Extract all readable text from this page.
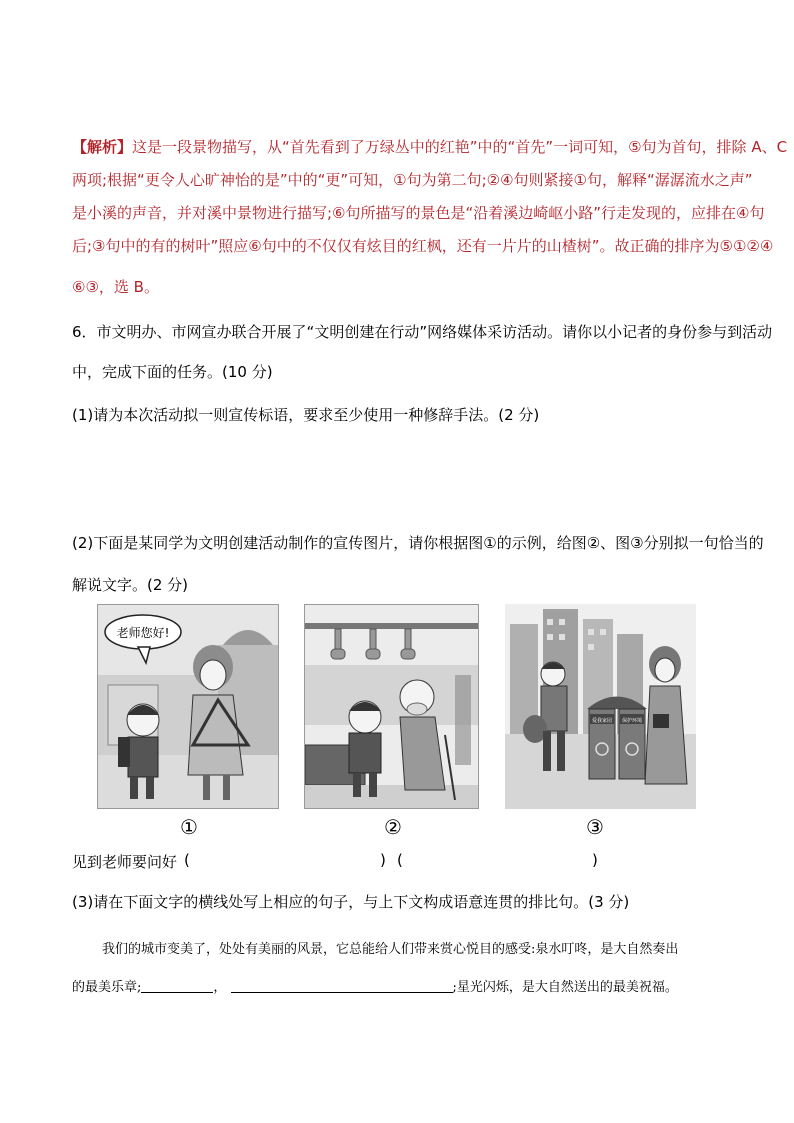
【解析】这是一段景物描写，从“首先看到了万绿丛中的红艳”中的“首先”一词可知，⑤句为首句，排除 A、C
两项;根据“更令人心旷神怡的是”中的“更”可知，①句为第二句;②④句则紧接①句，解释“潺潺流水之声”
是小溪的声音，并对溪中景物进行描写;⑥句所描写的景色是“沿着溪边崎岖小路”行走发现的，应排在④句
后;③句中的有的树叶”照应⑥句中的不仅仅有炫目的红枫，还有一片片的山楂树”。故正确的排序为⑤①②④
⑥③，选 B。
6．市文明办、市网宣办联合开展了“文明创建在行动”网络媒体采访活动。请你以小记者的身份参与到活动
中，完成下面的任务。(10 分)
(1)请为本次活动拟一则宣传标语，要求至少使用一种修辞手法。(2 分)
(2)下面是某同学为文明创建活动制作的宣传图片，请你根据图①的示例，给图②、图③分别拟一句恰当的
解说文字。(2 分)
老师您好!
爱我家园 保护环境
①	②	③
见到老师要问好 (	) (	)
(3)请在下面文字的横线处写上相应的句子，与上下文构成语意连贯的排比句。(3 分)
我们的城市变美了，处处有美丽的风景，它总能给人们带来赏心悦目的感受:泉水叮咚，是大自然奏出
的最美乐章;	，	;星光闪烁，是大自然送出的最美祝福。
